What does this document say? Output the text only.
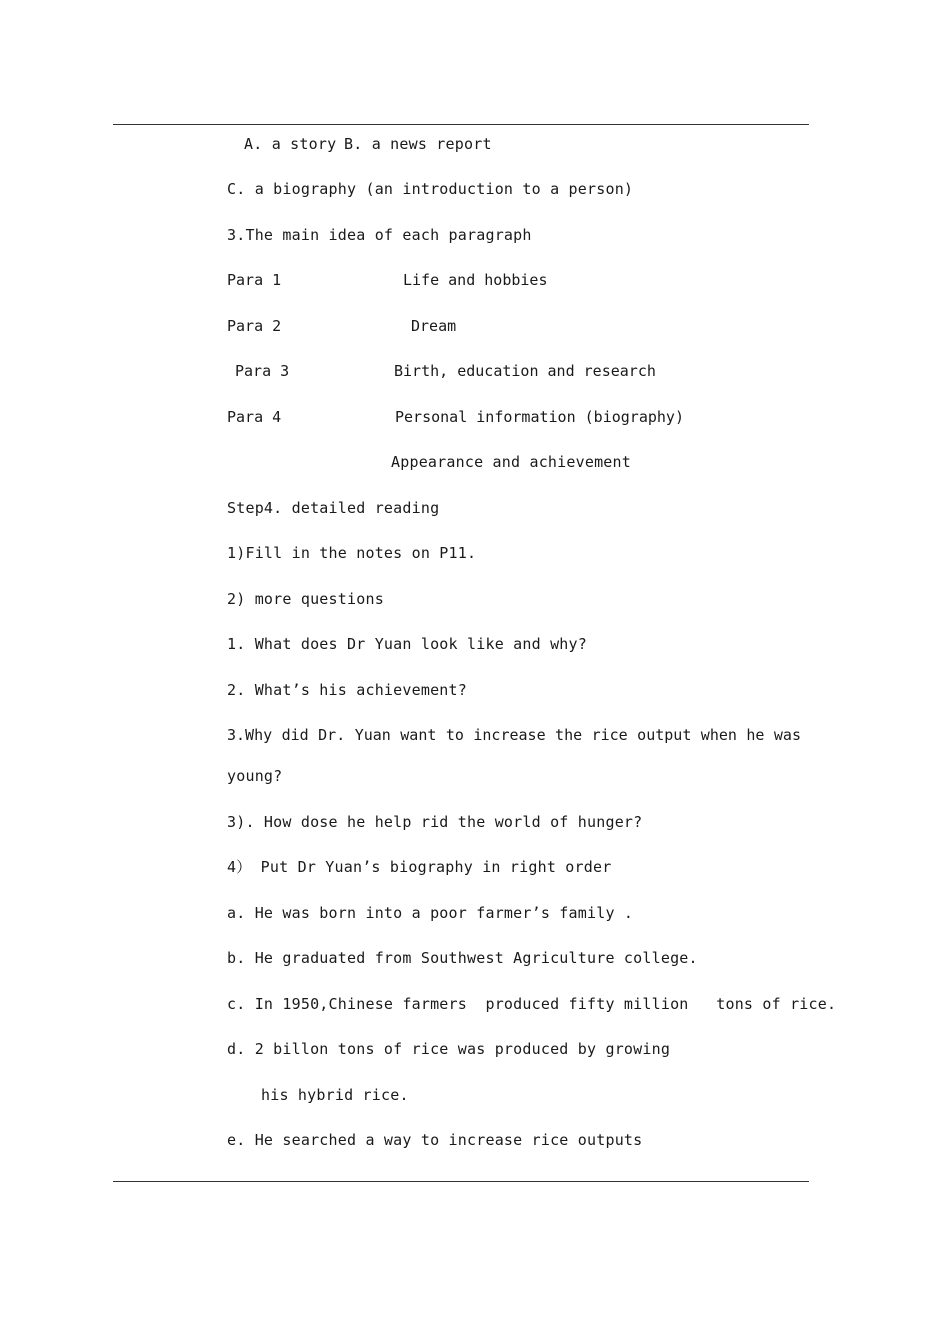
A. a story B. a news report
C. a biography (an introduction to a person)
3.The main idea of each paragraph

Para 1

	Life and hobbies

Para 2

	Dream

Para 3

	Birth, education and research

Para 4

	Personal information (biography)

Appearance and achievement
Step4. detailed reading
1)Fill in the notes on P11.
2) more questions
1. What does Dr Yuan look like and why?
2. What’s his achievement?
3.Why did Dr. Yuan want to increase the rice output when he was
young?
3). How dose he help rid the world of hunger?
4） Put Dr Yuan’s biography in right order
a. He was born into a poor farmer’s family .
b. He graduated from Southwest Agriculture college.
c. In 1950,Chinese farmers  produced fifty million   tons of rice.
d. 2 billon tons of rice was produced by growing
his hybrid rice.
e. He searched a way to increase rice outputs
